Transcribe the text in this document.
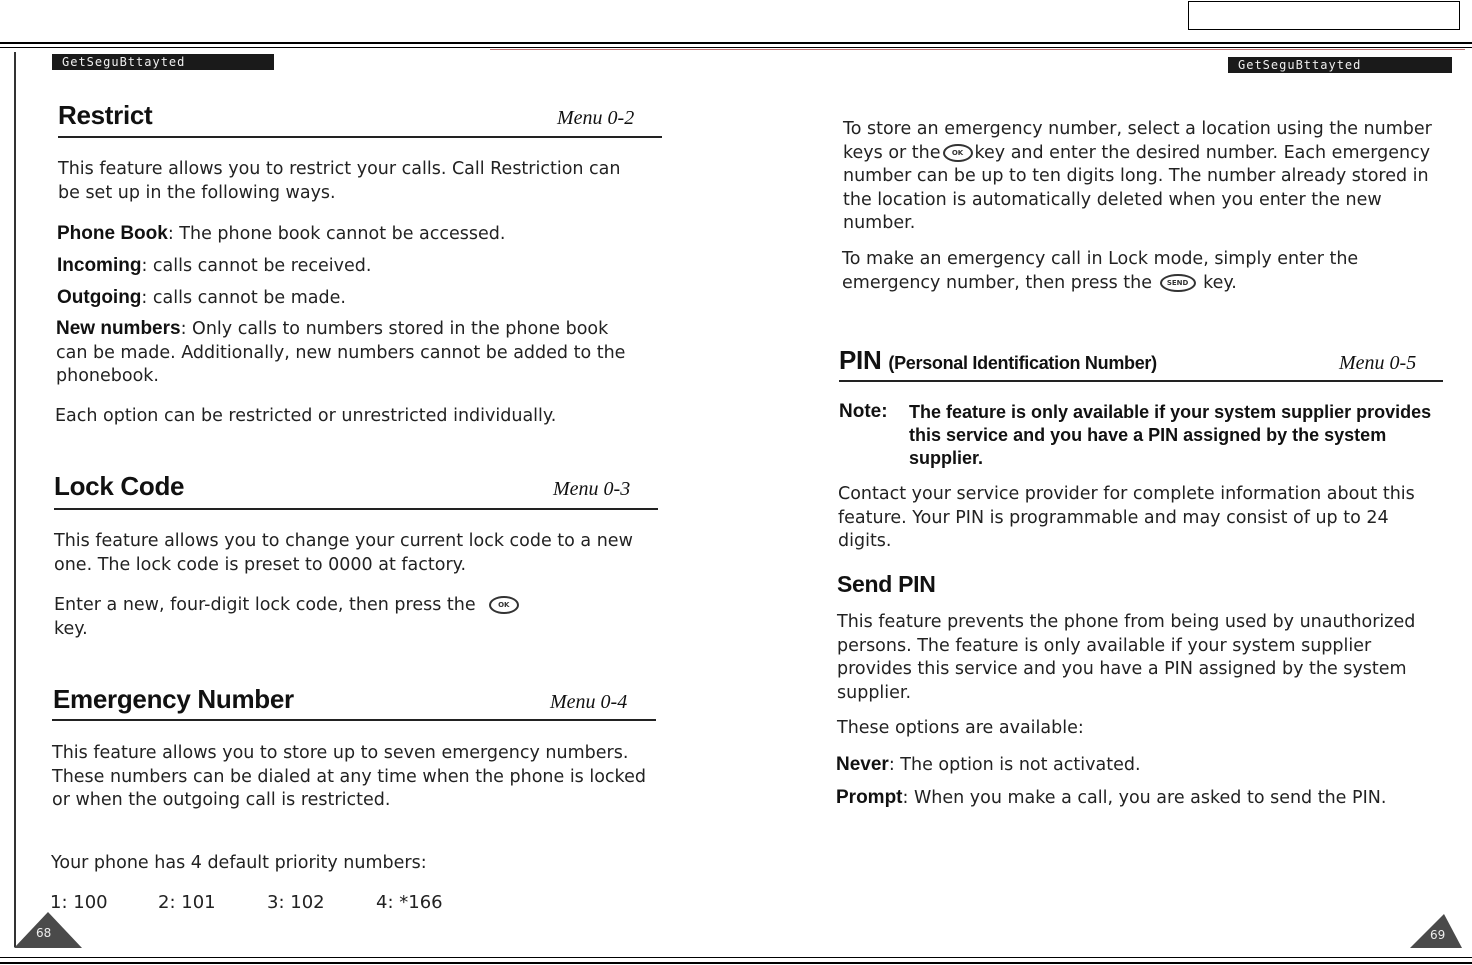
GetSeguBttayted	GetSeguBttayted
Restrict	Menu 0-2

This feature allows you to restrict your calls. Call Restriction can be set up in the following ways.

Phone Book: The phone book cannot be accessed.

Incoming: calls cannot be received.

Outgoing: calls cannot be made.

New numbers: Only calls to numbers stored in the phone book can be made. Additionally, new numbers cannot be added to the phonebook.

Each option can be restricted or unrestricted individually.

Lock Code	Menu 0-3

This feature allows you to change your current lock code to a new one. The lock code is preset to 0000 at factory.

Enter a new, four-digit lock code, then press the	OK
key.

Emergency Number	Menu 0-4

This feature allows you to store up to seven emergency numbers. These numbers can be dialed at any time when the phone is locked or when the outgoing call is restricted.

Your phone has 4 default priority numbers:

1: 100	2: 101	3: 102	4: *166
68

To store an emergency number, select a location using the number keys or the OK key and enter the desired number. Each emergency number can be up to ten digits long. The number already stored in the location is automatically deleted when you enter the new number.

To make an emergency call in Lock mode, simply enter the emergency number, then press the SEND key.

PIN (Personal Identification Number)	Menu 0-5
Note: The feature is only available if your system supplier provides this service and you have a PIN assigned by the system supplier.

Contact your service provider for complete information about this feature. Your PIN is programmable and may consist of up to 24 digits.

Send PIN

This feature prevents the phone from being used by unauthorized persons. The feature is only available if your system supplier provides this service and you have a PIN assigned by the system supplier.

These options are available:

Never: The option is not activated.

Prompt: When you make a call, you are asked to send the PIN.

69
